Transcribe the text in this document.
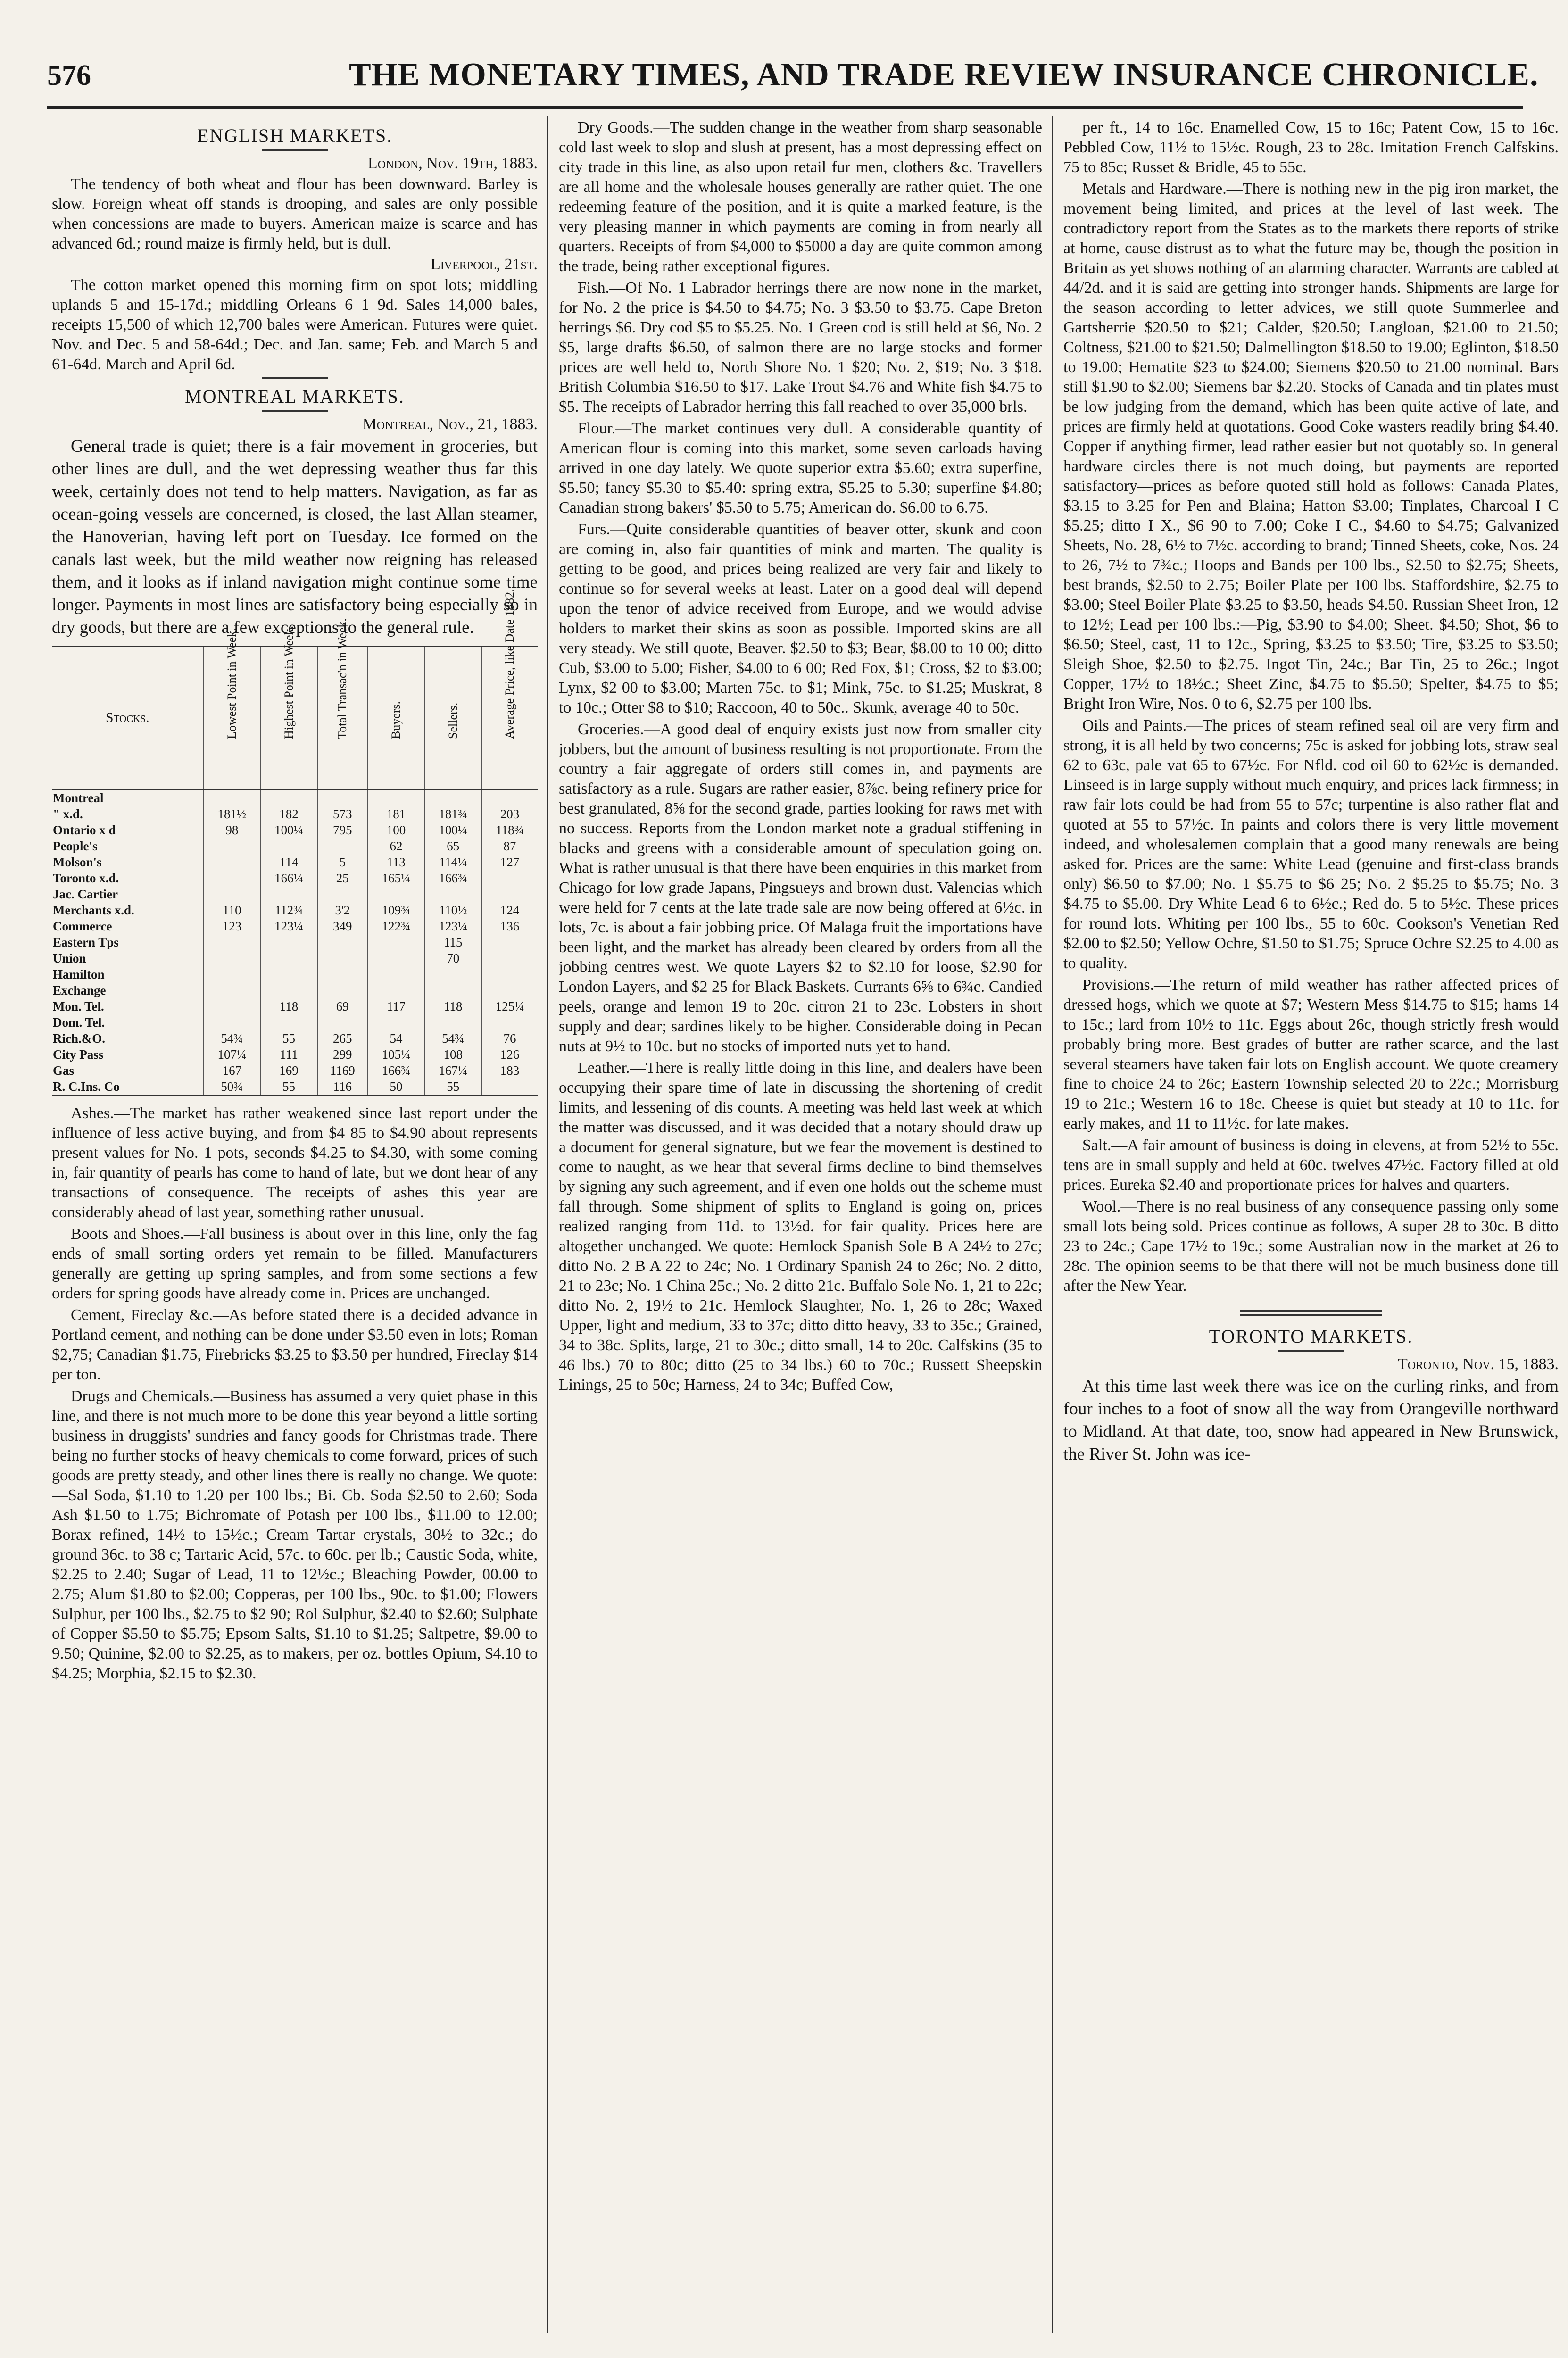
576	THE MONETARY TIMES, AND TRADE REVIEW INSURANCE CHRONICLE.
ENGLISH MARKETS.
London, Nov. 19th, 1883.

The tendency of both wheat and flour has been downward. Barley is slow. Foreign wheat off stands is drooping, and sales are only possible when concessions are made to buyers. American maize is scarce and has advanced 6d.; round maize is firmly held, but is dull.

Liverpool, 21st.

The cotton market opened this morning firm on spot lots; middling uplands 5 and 15-17d.; middling Orleans 6 1 9d. Sales 14,000 bales, receipts 15,500 of which 12,700 bales were American. Futures were quiet. Nov. and Dec. 5 and 58-64d.; Dec. and Jan. same; Feb. and March 5 and 61-64d. March and April 6d.

MONTREAL MARKETS.
Montreal, Nov., 21, 1883.

General trade is quiet; there is a fair movement in groceries, but other lines are dull, and the wet depressing weather thus far this week, certainly does not tend to help matters. Navigation, as far as ocean-going vessels are concerned, is closed, the last Allan steamer, the Hanoverian, having left port on Tuesday. Ice formed on the canals last week, but the mild weather now reigning has released them, and it looks as if inland navigation might continue some time longer. Payments in most lines are satisfactory being especially so in dry goods, but there are a few exceptions to the general rule.

Stocks.	Lowest Point in Week.	Highest Point in Week.	Total Transac'n in Week.	Buyers.	Sellers.	Average Price, like Date 1882.
Montreal						
" x.d.	181½	182	573	181	181¾	203
Ontario x d	98	100¼	795	100	100¼	118¾
People's				62	65	87
Molson's		114	5	113	114¼	127
Toronto x.d.		166¼	25	165¼	166¾	
Jac. Cartier						
Merchants x.d.	110	112¾	3'2	109¾	110½	124
Commerce	123	123¼	349	122¾	123¼	136
Eastern Tps					115	
Union					70	
Hamilton						
Exchange						
Mon. Tel.		118	69	117	118	125¼
Dom. Tel.						
Rich.&O.	54¾	55	265	54	54¾	76
City Pass	107¼	111	299	105¼	108	126
Gas	167	169	1169	166¾	167¼	183
R. C.Ins. Co	50¾	55	116	50	55	

Ashes.—The market has rather weakened since last report under the influence of less active buying, and from $4 85 to $4.90 about represents present values for No. 1 pots, seconds $4.25 to $4.30, with some coming in, fair quantity of pearls has come to hand of late, but we dont hear of any transactions of consequence. The receipts of ashes this year are considerably ahead of last year, something rather unusual.

Boots and Shoes.—Fall business is about over in this line, only the fag ends of small sorting orders yet remain to be filled. Manufacturers generally are getting up spring samples, and from some sections a few orders for spring goods have already come in. Prices are unchanged.

Cement, Fireclay &c.—As before stated there is a decided advance in Portland cement, and nothing can be done under $3.50 even in lots; Roman $2,75; Canadian $1.75, Firebricks $3.25 to $3.50 per hundred, Fireclay $14 per ton.

Drugs and Chemicals.—Business has assumed a very quiet phase in this line, and there is not much more to be done this year beyond a little sorting business in druggists' sundries and fancy goods for Christmas trade. There being no further stocks of heavy chemicals to come forward, prices of such goods are pretty steady, and other lines there is really no change. We quote:—Sal Soda, $1.10 to 1.20 per 100 lbs.; Bi. Cb. Soda $2.50 to 2.60; Soda Ash $1.50 to 1.75; Bichromate of Potash per 100 lbs., $11.00 to 12.00; Borax refined, 14½ to 15½c.; Cream Tartar crystals, 30½ to 32c.; do ground 36c. to 38 c; Tartaric Acid, 57c. to 60c. per lb.; Caustic Soda, white, $2.25 to 2.40; Sugar of Lead, 11 to 12½c.; Bleaching Powder, 00.00 to 2.75; Alum $1.80 to $2.00; Copperas, per 100 lbs., 90c. to $1.00; Flowers Sulphur, per 100 lbs., $2.75 to $2 90; Rol Sulphur, $2.40 to $2.60; Sulphate of Copper $5.50 to $5.75; Epsom Salts, $1.10 to $1.25; Saltpetre, $9.00 to 9.50; Quinine, $2.00 to $2.25, as to makers, per oz. bottles Opium, $4.10 to $4.25; Morphia, $2.15 to $2.30.

Dry Goods.—The sudden change in the weather from sharp seasonable cold last week to slop and slush at present, has a most depressing effect on city trade in this line, as also upon retail fur men, clothers &c. Travellers are all home and the wholesale houses generally are rather quiet. The one redeeming feature of the position, and it is quite a marked feature, is the very pleasing manner in which payments are coming in from nearly all quarters. Receipts of from $4,000 to $5000 a day are quite common among the trade, being rather exceptional figures.

Fish.—Of No. 1 Labrador herrings there are now none in the market, for No. 2 the price is $4.50 to $4.75; No. 3 $3.50 to $3.75. Cape Breton herrings $6. Dry cod $5 to $5.25. No. 1 Green cod is still held at $6, No. 2 $5, large drafts $6.50, of salmon there are no large stocks and former prices are well held to, North Shore No. 1 $20; No. 2, $19; No. 3 $18. British Columbia $16.50 to $17. Lake Trout $4.76 and White fish $4.75 to $5. The receipts of Labrador herring this fall reached to over 35,000 brls.

Flour.—The market continues very dull. A considerable quantity of American flour is coming into this market, some seven carloads having arrived in one day lately. We quote superior extra $5.60; extra superfine, $5.50; fancy $5.30 to $5.40: spring extra, $5.25 to 5.30; superfine $4.80; Canadian strong bakers' $5.50 to 5.75; American do. $6.00 to 6.75.

Furs.—Quite considerable quantities of beaver otter, skunk and coon are coming in, also fair quantities of mink and marten. The quality is getting to be good, and prices being realized are very fair and likely to continue so for several weeks at least. Later on a good deal will depend upon the tenor of advice received from Europe, and we would advise holders to market their skins as soon as possible. Imported skins are all very steady. We still quote, Beaver. $2.50 to $3; Bear, $8.00 to 10 00; ditto Cub, $3.00 to 5.00; Fisher, $4.00 to 6 00; Red Fox, $1; Cross, $2 to $3.00; Lynx, $2 00 to $3.00; Marten 75c. to $1; Mink, 75c. to $1.25; Muskrat, 8 to 10c.; Otter $8 to $10; Raccoon, 40 to 50c.. Skunk, average 40 to 50c.

Groceries.—A good deal of enquiry exists just now from smaller city jobbers, but the amount of business resulting is not proportionate. From the country a fair aggregate of orders still comes in, and payments are satisfactory as a rule. Sugars are rather easier, 8⅞c. being refinery price for best granulated, 8⅝ for the second grade, parties looking for raws met with no success. Reports from the London market note a gradual stiffening in blacks and greens with a considerable amount of speculation going on. What is rather unusual is that there have been enquiries in this market from Chicago for low grade Japans, Pingsueys and brown dust. Valencias which were held for 7 cents at the late trade sale are now being offered at 6½c. in lots, 7c. is about a fair jobbing price. Of Malaga fruit the importations have been light, and the market has already been cleared by orders from all the jobbing centres west. We quote Layers $2 to $2.10 for loose, $2.90 for London Layers, and $2 25 for Black Baskets. Currants 6⅝ to 6¾c. Candied peels, orange and lemon 19 to 20c. citron 21 to 23c. Lobsters in short supply and dear; sardines likely to be higher. Considerable doing in Pecan nuts at 9½ to 10c. but no stocks of imported nuts yet to hand.

Leather.—There is really little doing in this line, and dealers have been occupying their spare time of late in discussing the shortening of credit limits, and lessening of dis counts. A meeting was held last week at which the matter was discussed, and it was decided that a notary should draw up a document for general signature, but we fear the movement is destined to come to naught, as we hear that several firms decline to bind themselves by signing any such agreement, and if even one holds out the scheme must fall through. Some shipment of splits to England is going on, prices realized ranging from 11d. to 13½d. for fair quality. Prices here are altogether unchanged. We quote: Hemlock Spanish Sole B A 24½ to 27c; ditto No. 2 B A 22 to 24c; No. 1 Ordinary Spanish 24 to 26c; No. 2 ditto, 21 to 23c; No. 1 China 25c.; No. 2 ditto 21c. Buffalo Sole No. 1, 21 to 22c; ditto No. 2, 19½ to 21c. Hemlock Slaughter, No. 1, 26 to 28c; Waxed Upper, light and medium, 33 to 37c; ditto ditto heavy, 33 to 35c.; Grained, 34 to 38c. Splits, large, 21 to 30c.; ditto small, 14 to 20c. Calfskins (35 to 46 lbs.) 70 to 80c; ditto (25 to 34 lbs.) 60 to 70c.; Russett Sheepskin Linings, 25 to 50c; Harness, 24 to 34c; Buffed Cow,

per ft., 14 to 16c. Enamelled Cow, 15 to 16c; Patent Cow, 15 to 16c. Pebbled Cow, 11½ to 15½c. Rough, 23 to 28c. Imitation French Calfskins. 75 to 85c; Russet & Bridle, 45 to 55c.

Metals and Hardware.—There is nothing new in the pig iron market, the movement being limited, and prices at the level of last week. The contradictory report from the States as to the markets there reports of strike at home, cause distrust as to what the future may be, though the position in Britain as yet shows nothing of an alarming character. Warrants are cabled at 44/2d. and it is said are getting into stronger hands. Shipments are large for the season according to letter advices, we still quote Summerlee and Gartsherrie $20.50 to $21; Calder, $20.50; Langloan, $21.00 to 21.50; Coltness, $21.00 to $21.50; Dalmellington $18.50 to 19.00; Eglinton, $18.50 to 19.00; Hematite $23 to $24.00; Siemens $20.50 to 21.00 nominal. Bars still $1.90 to $2.00; Siemens bar $2.20. Stocks of Canada and tin plates must be low judging from the demand, which has been quite active of late, and prices are firmly held at quotations. Good Coke wasters readily bring $4.40. Copper if anything firmer, lead rather easier but not quotably so. In general hardware circles there is not much doing, but payments are reported satisfactory—prices as before quoted still hold as follows: Canada Plates, $3.15 to 3.25 for Pen and Blaina; Hatton $3.00; Tinplates, Charcoal I C $5.25; ditto I X., $6 90 to 7.00; Coke I C., $4.60 to $4.75; Galvanized Sheets, No. 28, 6½ to 7½c. according to brand; Tinned Sheets, coke, Nos. 24 to 26, 7½ to 7¾c.; Hoops and Bands per 100 lbs., $2.50 to $2.75; Sheets, best brands, $2.50 to 2.75; Boiler Plate per 100 lbs. Staffordshire, $2.75 to $3.00; Steel Boiler Plate $3.25 to $3.50, heads $4.50. Russian Sheet Iron, 12 to 12½; Lead per 100 lbs.:—Pig, $3.90 to $4.00; Sheet. $4.50; Shot, $6 to $6.50; Steel, cast, 11 to 12c., Spring, $3.25 to $3.50; Tire, $3.25 to $3.50; Sleigh Shoe, $2.50 to $2.75. Ingot Tin, 24c.; Bar Tin, 25 to 26c.; Ingot Copper, 17½ to 18½c.; Sheet Zinc, $4.75 to $5.50; Spelter, $4.75 to $5; Bright Iron Wire, Nos. 0 to 6, $2.75 per 100 lbs.

Oils and Paints.—The prices of steam refined seal oil are very firm and strong, it is all held by two concerns; 75c is asked for jobbing lots, straw seal 62 to 63c, pale vat 65 to 67½c. For Nfld. cod oil 60 to 62½c is demanded. Linseed is in large supply without much enquiry, and prices lack firmness; in raw fair lots could be had from 55 to 57c; turpentine is also rather flat and quoted at 55 to 57½c. In paints and colors there is very little movement indeed, and wholesalemen complain that a good many renewals are being asked for. Prices are the same: White Lead (genuine and first-class brands only) $6.50 to $7.00; No. 1 $5.75 to $6 25; No. 2 $5.25 to $5.75; No. 3 $4.75 to $5.00. Dry White Lead 6 to 6½c.; Red do. 5 to 5½c. These prices for round lots. Whiting per 100 lbs., 55 to 60c. Cookson's Venetian Red $2.00 to $2.50; Yellow Ochre, $1.50 to $1.75; Spruce Ochre $2.25 to 4.00 as to quality.

Provisions.—The return of mild weather has rather affected prices of dressed hogs, which we quote at $7; Western Mess $14.75 to $15; hams 14 to 15c.; lard from 10½ to 11c. Eggs about 26c, though strictly fresh would probably bring more. Best grades of butter are rather scarce, and the last several steamers have taken fair lots on English account. We quote creamery fine to choice 24 to 26c; Eastern Township selected 20 to 22c.; Morrisburg 19 to 21c.; Western 16 to 18c. Cheese is quiet but steady at 10 to 11c. for early makes, and 11 to 11½c. for late makes.

Salt.—A fair amount of business is doing in elevens, at from 52½ to 55c. tens are in small supply and held at 60c. twelves 47½c. Factory filled at old prices. Eureka $2.40 and proportionate prices for halves and quarters.

Wool.—There is no real business of any consequence passing only some small lots being sold. Prices continue as follows, A super 28 to 30c. B ditto 23 to 24c.; Cape 17½ to 19c.; some Australian now in the market at 26 to 28c. The opinion seems to be that there will not be much business done till after the New Year.

TORONTO MARKETS.
Toronto, Nov. 15, 1883.

At this time last week there was ice on the curling rinks, and from four inches to a foot of snow all the way from Orangeville northward to Midland. At that date, too, snow had appeared in New Brunswick, the River St. John was ice-
